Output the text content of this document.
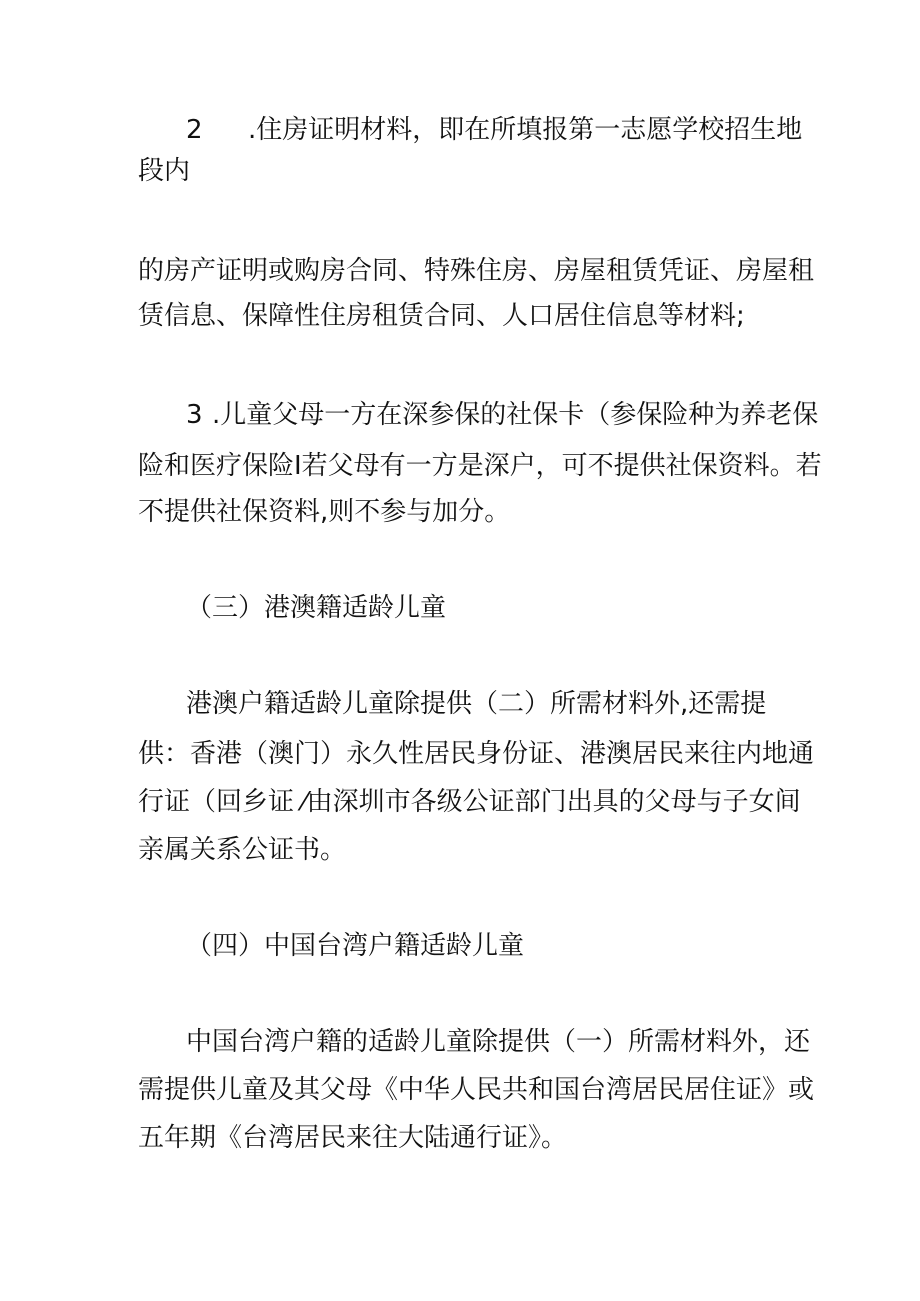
2 .住房证明材料，即在所填报第一志愿学校招生地
段内
的房产证明或购房合同、特殊住房、房屋租赁凭证、房屋租
赁信息、保障性住房租赁合同、人口居住信息等材料;
3 .儿童父母一方在深参保的社保卡（参保险种为养老保
险和医疗保险I若父母有一方是深户，可不提供社保资料。若
不提供社保资料,则不参与加分。
（三）港澳籍适龄儿童
港澳户籍适龄儿童除提供（二）所需材料外,还需提
供：香港（澳门）永久性居民身份证、港澳居民来往内地通
行证（回乡证 ⁄由深圳市各级公证部门出具的父母与子女间
亲属关系公证书。
（四）中国台湾户籍适龄儿童
中国台湾户籍的适龄儿童除提供（一）所需材料外，还
需提供儿童及其父母《中华人民共和国台湾居民居住证》或
五年期《台湾居民来往大陆通行证》。
